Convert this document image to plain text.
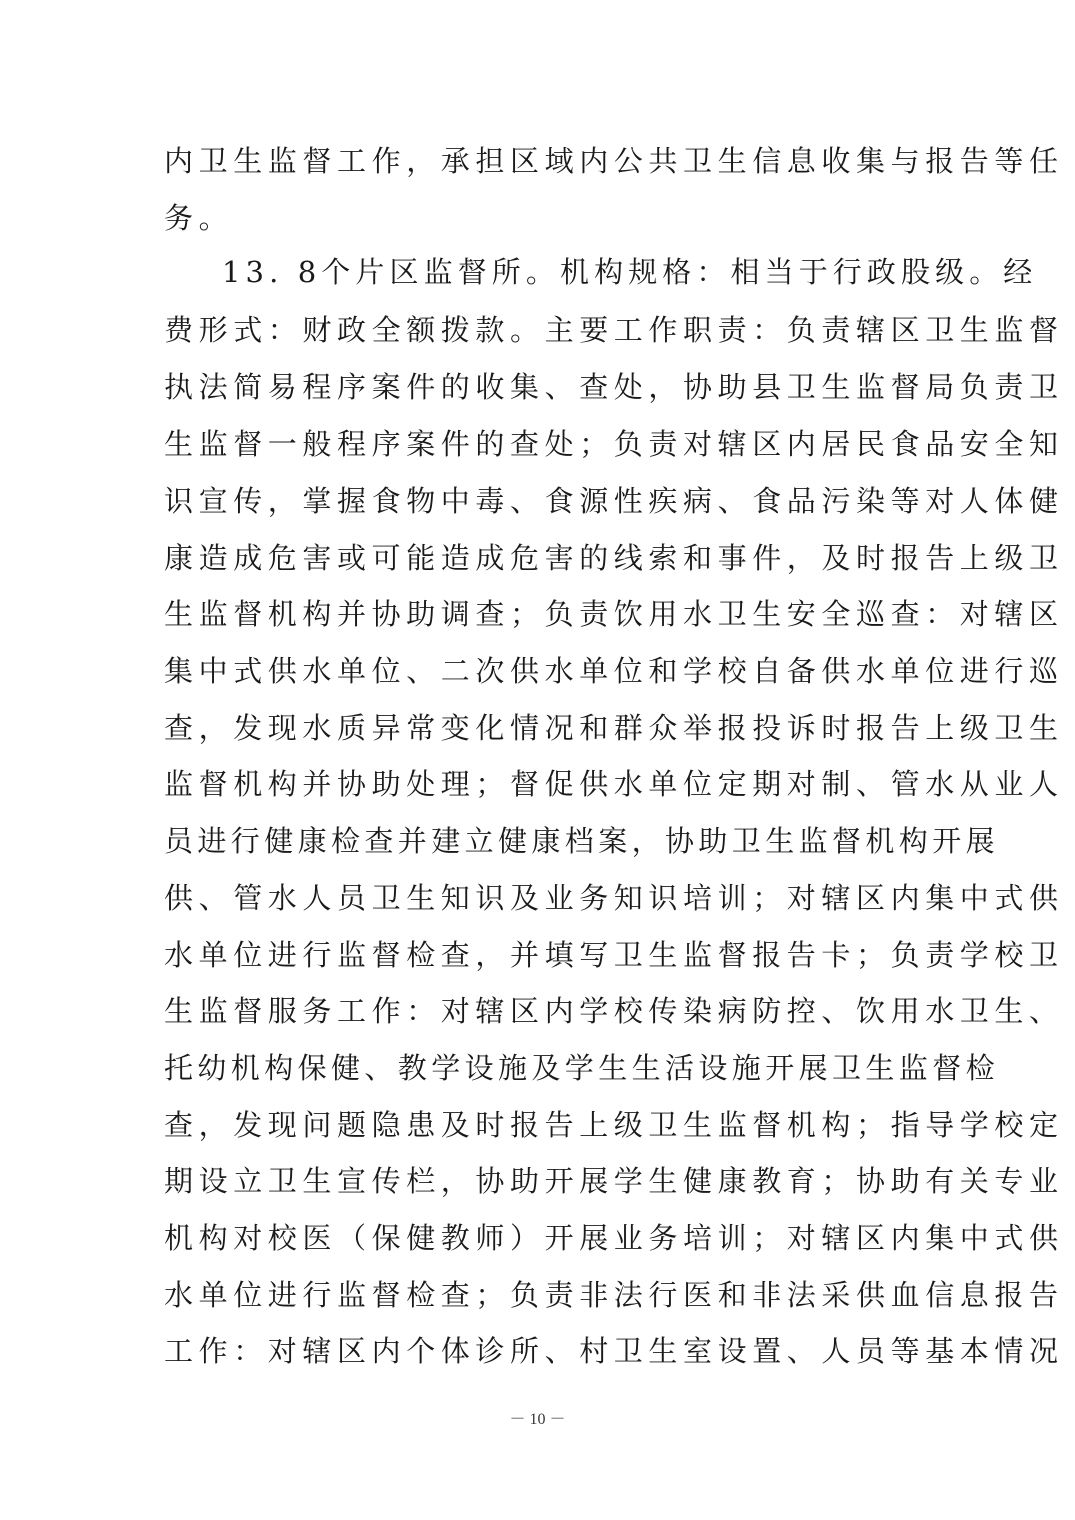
内卫生监督工作，承担区域内公共卫生信息收集与报告等任
务。
13. 8个片区监督所。机构规格：相当于行政股级。经
费形式：财政全额拨款。主要工作职责：负责辖区卫生监督
执法简易程序案件的收集、查处，协助县卫生监督局负责卫
生监督一般程序案件的查处；负责对辖区内居民食品安全知
识宣传，掌握食物中毒、食源性疾病、食品污染等对人体健
康造成危害或可能造成危害的线索和事件，及时报告上级卫
生监督机构并协助调查；负责饮用水卫生安全巡查：对辖区
集中式供水单位、二次供水单位和学校自备供水单位进行巡
查，发现水质异常变化情况和群众举报投诉时报告上级卫生
监督机构并协助处理；督促供水单位定期对制、管水从业人
员进行健康检查并建立健康档案，协助卫生监督机构开展
供、管水人员卫生知识及业务知识培训；对辖区内集中式供
水单位进行监督检查，并填写卫生监督报告卡；负责学校卫
生监督服务工作：对辖区内学校传染病防控、饮用水卫生、
托幼机构保健、教学设施及学生生活设施开展卫生监督检
查，发现问题隐患及时报告上级卫生监督机构；指导学校定
期设立卫生宣传栏，协助开展学生健康教育；协助有关专业
机构对校医（保健教师）开展业务培训；对辖区内集中式供
水单位进行监督检查；负责非法行医和非法采供血信息报告
工作：对辖区内个体诊所、村卫生室设置、人员等基本情况
－ 10 －
